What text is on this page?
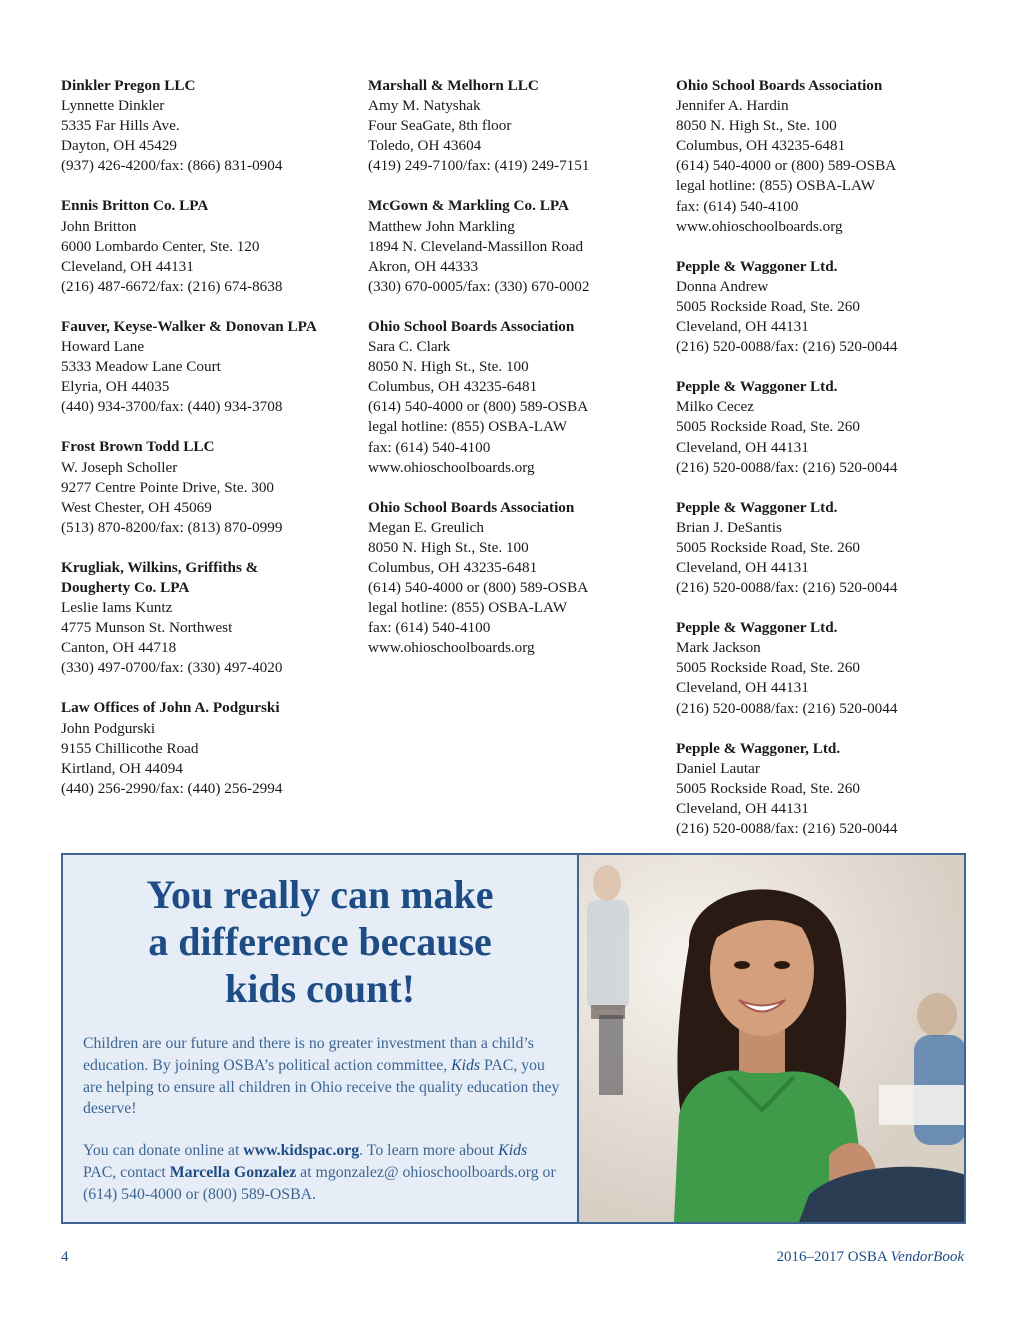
Dinkler Pregon LLC
Lynnette Dinkler
5335 Far Hills Ave.
Dayton, OH 45429
(937) 426-4200/fax: (866) 831-0904
Ennis Britton Co. LPA
John Britton
6000 Lombardo Center, Ste. 120
Cleveland, OH 44131
(216) 487-6672/fax: (216) 674-8638
Fauver, Keyse-Walker & Donovan LPA
Howard Lane
5333 Meadow Lane Court
Elyria, OH 44035
(440) 934-3700/fax: (440) 934-3708
Frost Brown Todd LLC
W. Joseph Scholler
9277 Centre Pointe Drive, Ste. 300
West Chester, OH 45069
(513) 870-8200/fax: (813) 870-0999
Krugliak, Wilkins, Griffiths &
Dougherty Co. LPA
Leslie Iams Kuntz
4775 Munson St. Northwest
Canton, OH 44718
(330) 497-0700/fax: (330) 497-4020
Law Offices of John A. Podgurski
John Podgurski
9155 Chillicothe Road
Kirtland, OH 44094
(440) 256-2990/fax: (440) 256-2994
Marshall & Melhorn LLC
Amy M. Natyshak
Four SeaGate, 8th floor
Toledo, OH 43604
(419) 249-7100/fax: (419) 249-7151
McGown & Markling Co. LPA
Matthew John Markling
1894 N. Cleveland-Massillon Road
Akron, OH 44333
(330) 670-0005/fax: (330) 670-0002
Ohio School Boards Association
Sara C. Clark
8050 N. High St., Ste. 100
Columbus, OH 43235-6481
(614) 540-4000 or (800) 589-OSBA
legal hotline: (855) OSBA-LAW
fax: (614) 540-4100
www.ohioschoolboards.org
Ohio School Boards Association
Megan E. Greulich
8050 N. High St., Ste. 100
Columbus, OH 43235-6481
(614) 540-4000 or (800) 589-OSBA
legal hotline: (855) OSBA-LAW
fax: (614) 540-4100
www.ohioschoolboards.org
Ohio School Boards Association
Jennifer A. Hardin
8050 N. High St., Ste. 100
Columbus, OH 43235-6481
(614) 540-4000 or (800) 589-OSBA
legal hotline: (855) OSBA-LAW
fax: (614) 540-4100
www.ohioschoolboards.org
Pepple & Waggoner Ltd.
Donna Andrew
5005 Rockside Road, Ste. 260
Cleveland, OH 44131
(216) 520-0088/fax: (216) 520-0044
Pepple & Waggoner Ltd.
Milko Cecez
5005 Rockside Road, Ste. 260
Cleveland, OH 44131
(216) 520-0088/fax: (216) 520-0044
Pepple & Waggoner Ltd.
Brian J. DeSantis
5005 Rockside Road, Ste. 260
Cleveland, OH 44131
(216) 520-0088/fax: (216) 520-0044
Pepple & Waggoner Ltd.
Mark Jackson
5005 Rockside Road, Ste. 260
Cleveland, OH 44131
(216) 520-0088/fax: (216) 520-0044
Pepple & Waggoner, Ltd.
Daniel Lautar
5005 Rockside Road, Ste. 260
Cleveland, OH 44131
(216) 520-0088/fax: (216) 520-0044
You really can make
a difference because
kids count!

Children are our future and there is no greater investment than a child’s education. By joining OSBA’s political action committee, Kids PAC, you are helping to ensure all children in Ohio receive the quality education they deserve!

You can donate online at www.kidspac.org. To learn more about Kids PAC, contact Marcella Gonzalez at mgonzalez@ ohioschoolboards.org or (614) 540-4000 or (800) 589-OSBA.

4	2016–2017 OSBA VendorBook
